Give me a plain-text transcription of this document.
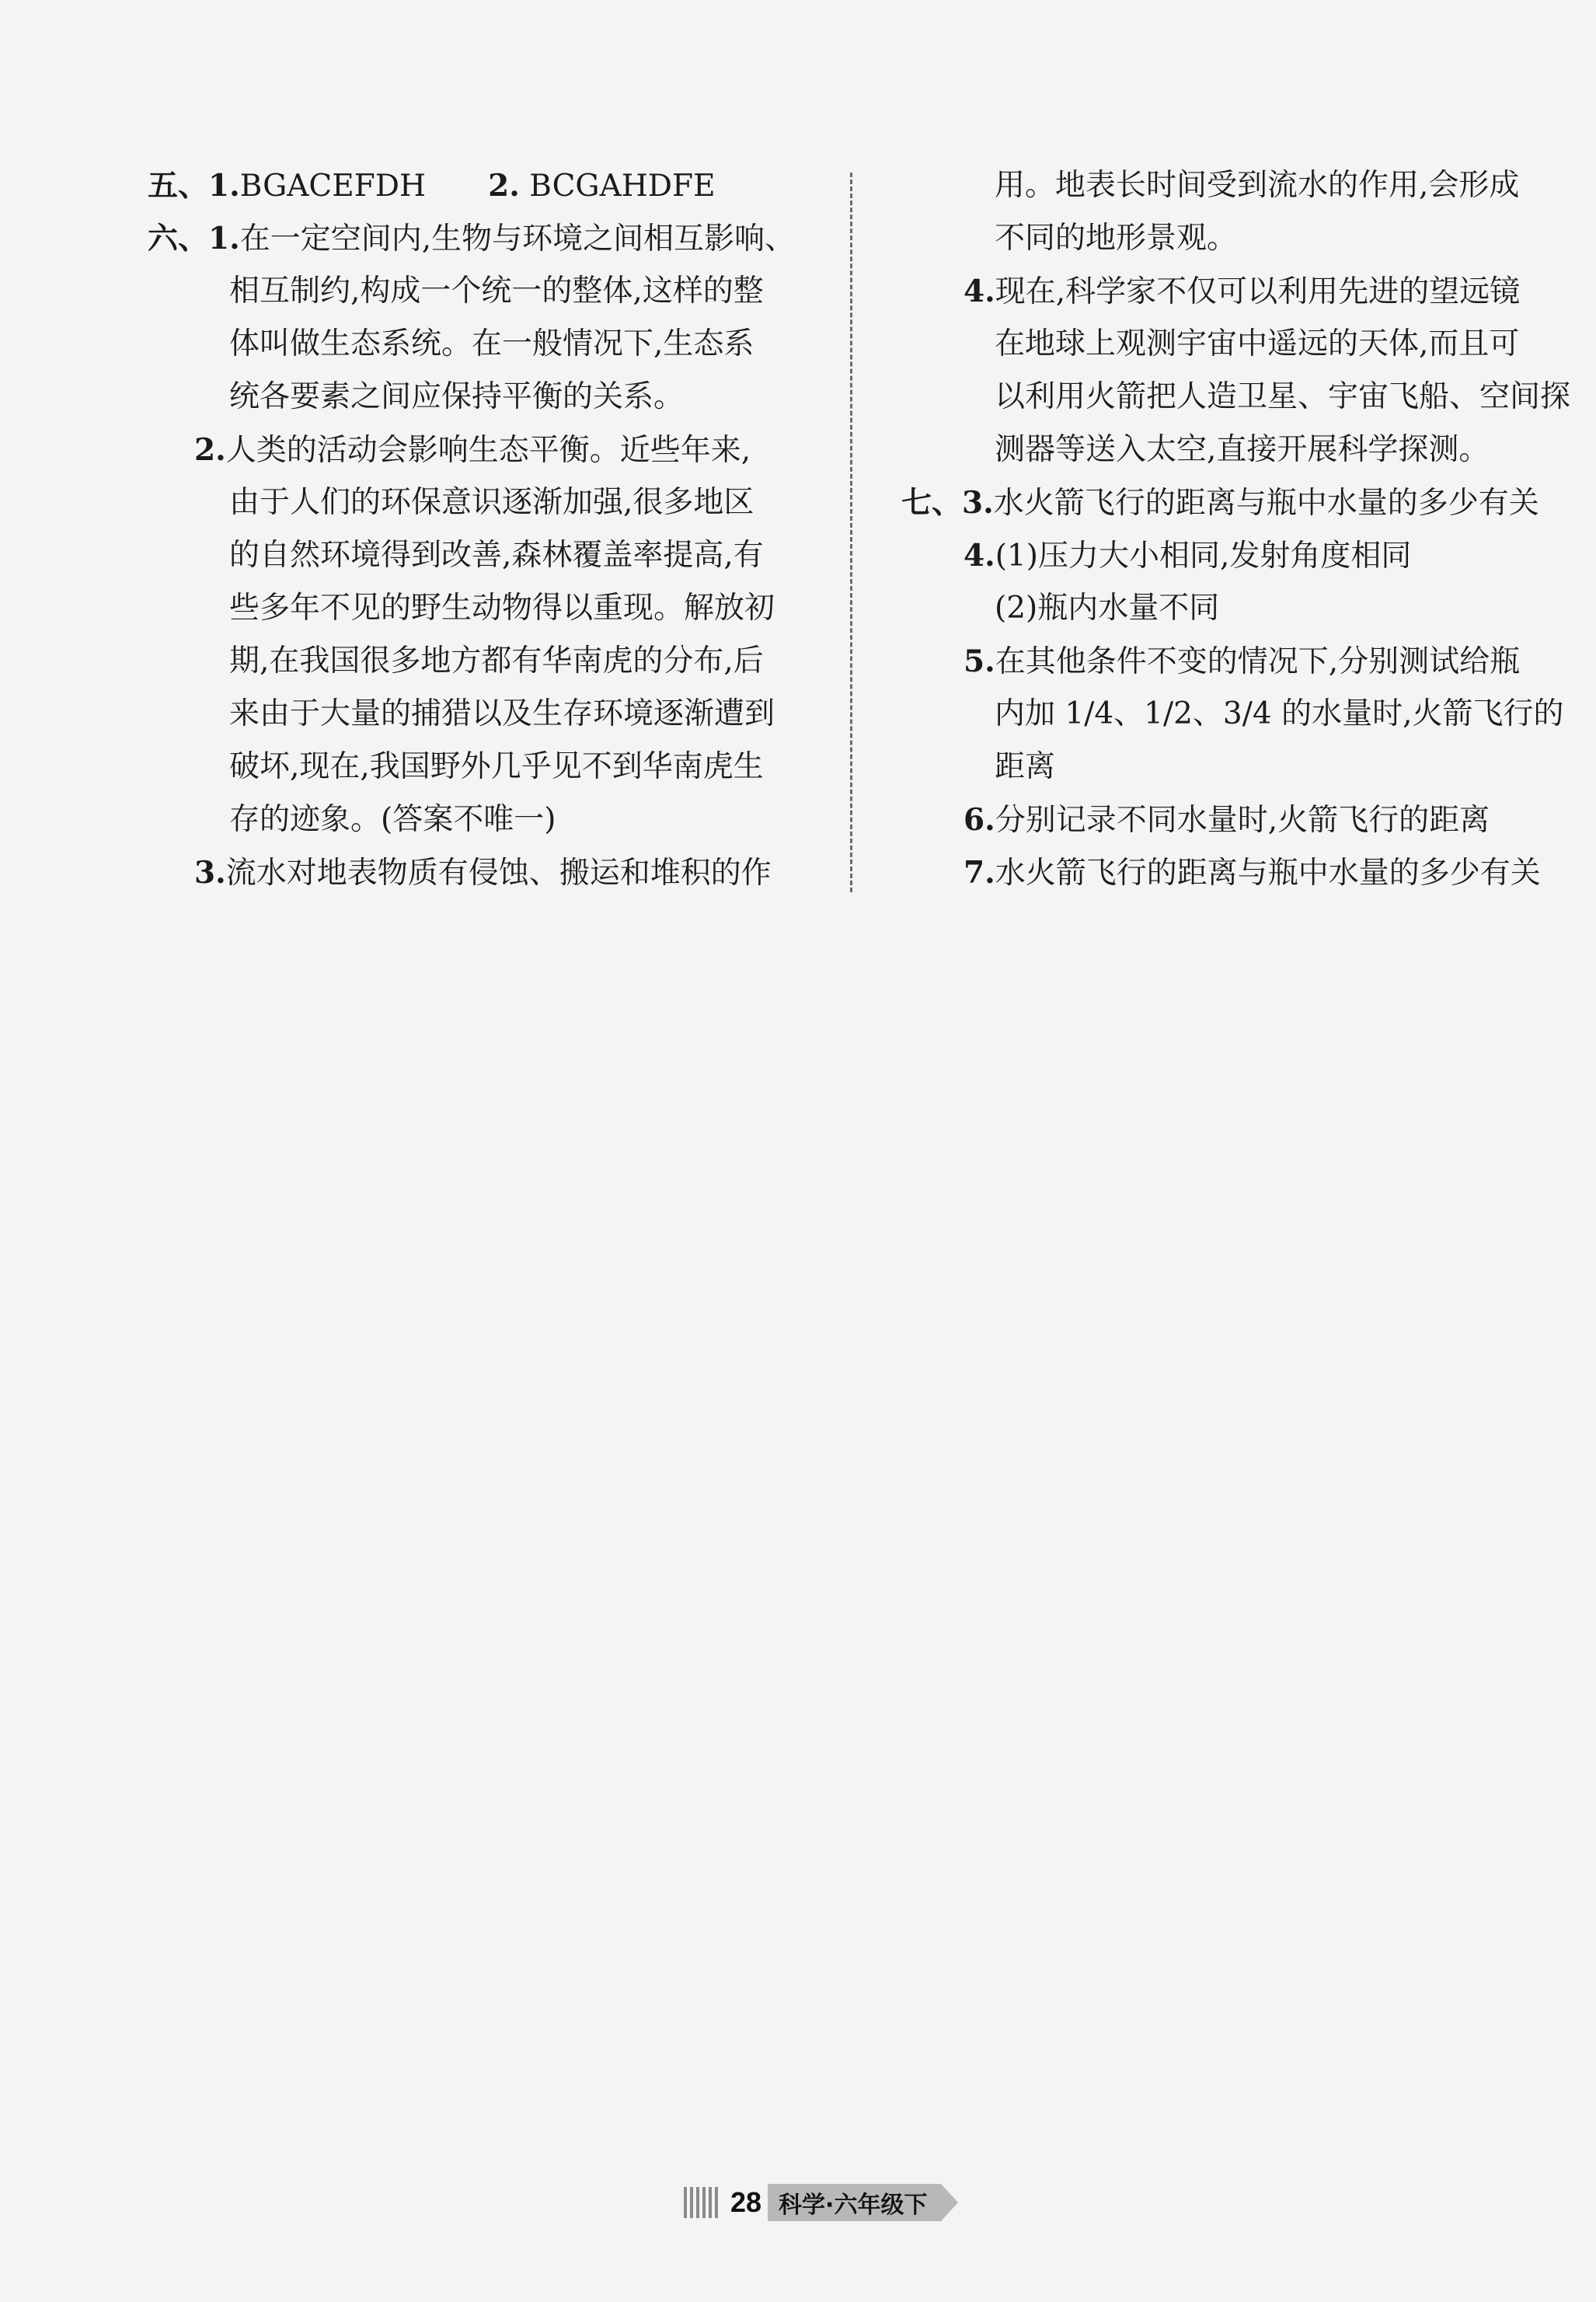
五、1.BGACEFDH 2. BCGAHDFE
六、1.在一定空间内,生物与环境之间相互影响、
相互制约,构成一个统一的整体,这样的整
体叫做生态系统。在一般情况下,生态系
统各要素之间应保持平衡的关系。
2.人类的活动会影响生态平衡。近些年来,
由于人们的环保意识逐渐加强,很多地区
的自然环境得到改善,森林覆盖率提高,有
些多年不见的野生动物得以重现。解放初
期,在我国很多地方都有华南虎的分布,后
来由于大量的捕猎以及生存环境逐渐遭到
破坏,现在,我国野外几乎见不到华南虎生
存的迹象。(答案不唯一)
3.流水对地表物质有侵蚀、搬运和堆积的作
用。地表长时间受到流水的作用,会形成
不同的地形景观。
4.现在,科学家不仅可以利用先进的望远镜
在地球上观测宇宙中遥远的天体,而且可
以利用火箭把人造卫星、宇宙飞船、空间探
测器等送入太空,直接开展科学探测。
七、3.水火箭飞行的距离与瓶中水量的多少有关
4.(1)压力大小相同,发射角度相同
(2)瓶内水量不同
5.在其他条件不变的情况下,分别测试给瓶
内加 1/4、1/2、3/4 的水量时,火箭飞行的
距离
6.分别记录不同水量时,火箭飞行的距离
7.水火箭飞行的距离与瓶中水量的多少有关
28 科学·六年级下
